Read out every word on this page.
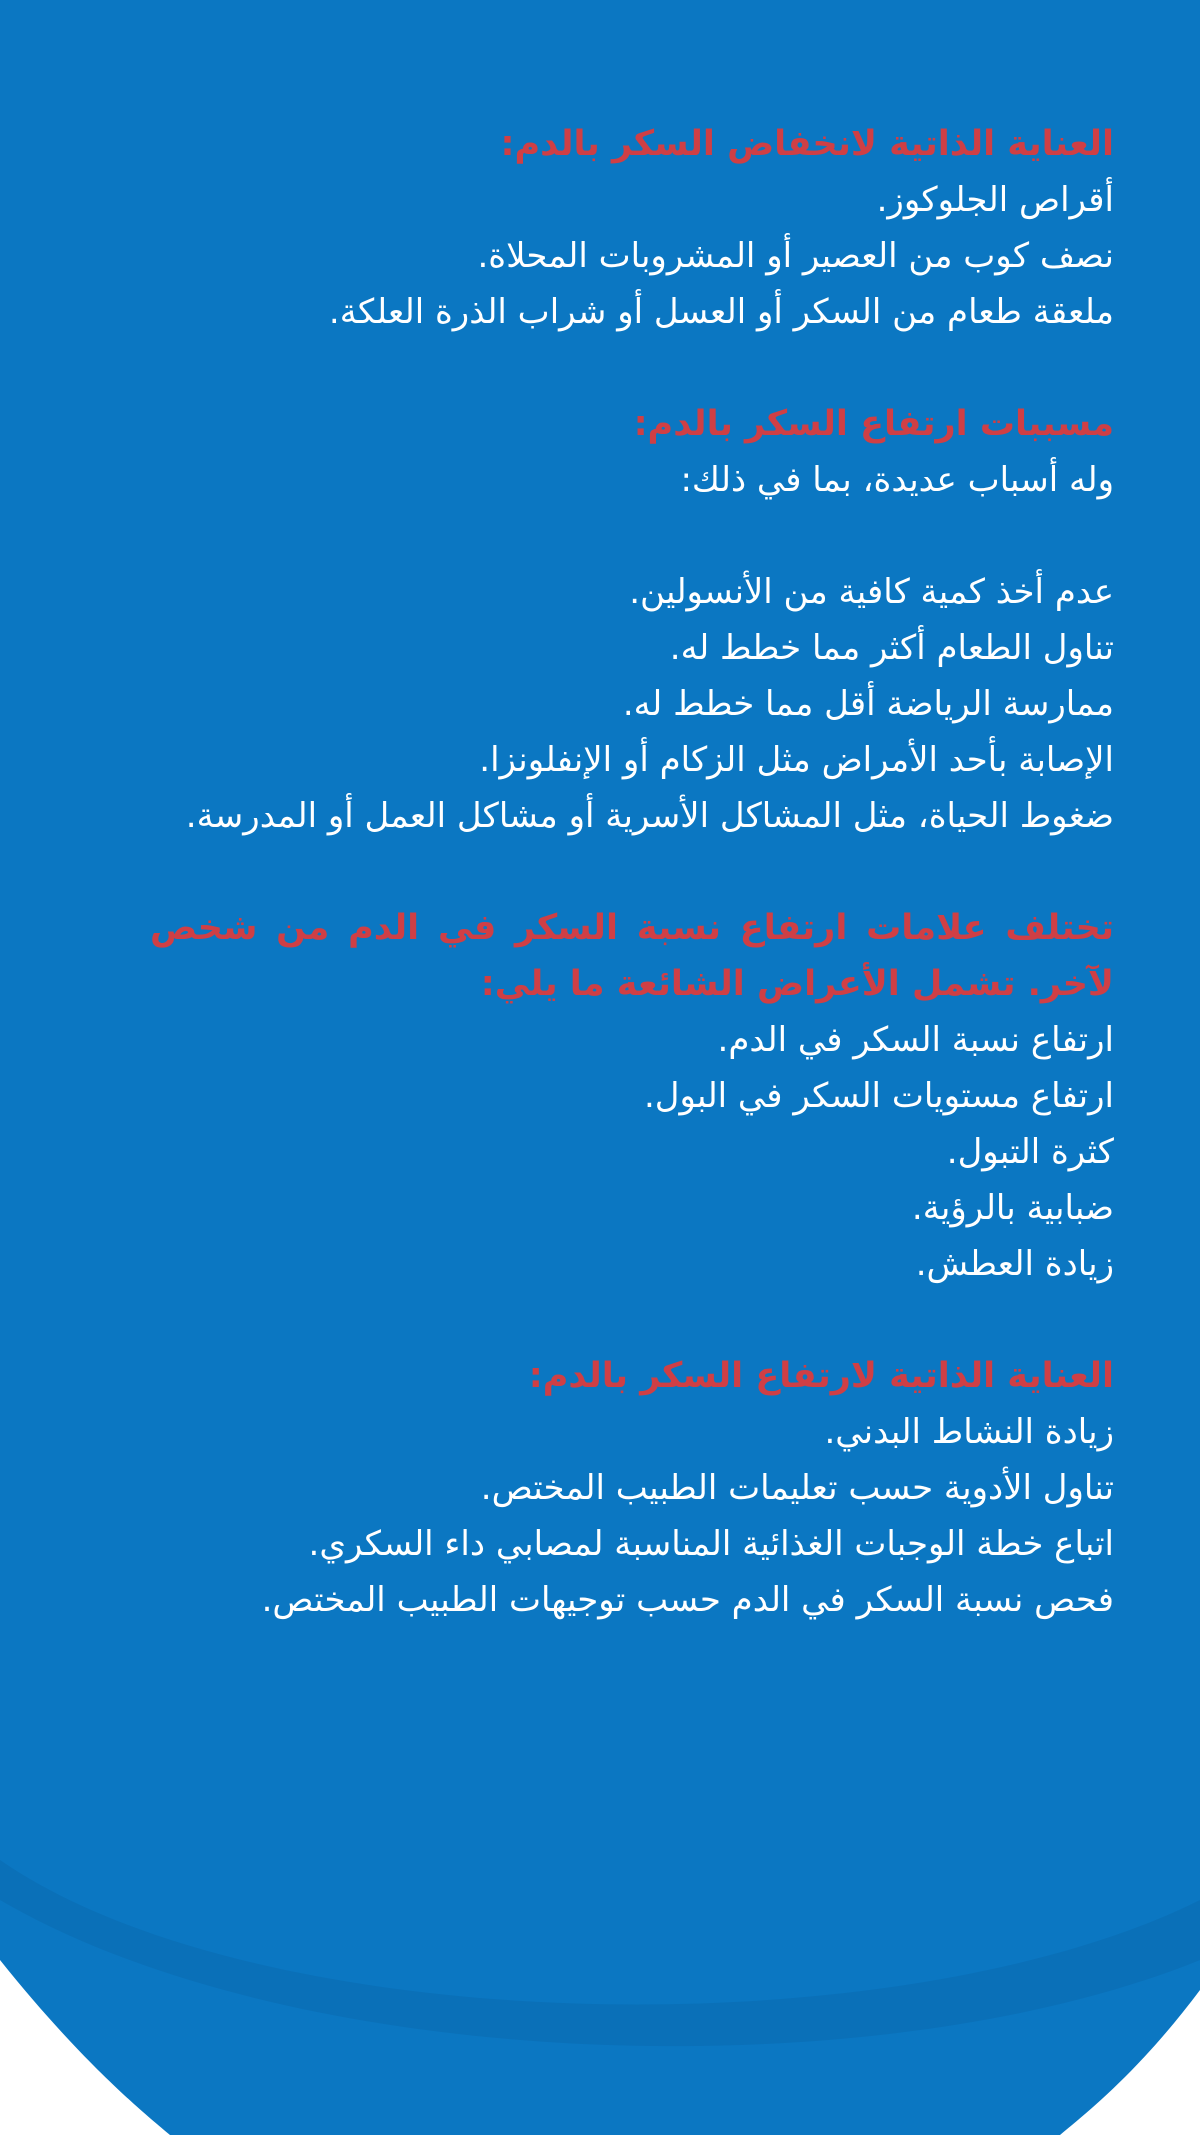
العناية الذاتية لانخفاض السكر بالدم:

أقراص الجلوكوز.

نصف كوب من العصير أو المشروبات المحلاة.

ملعقة طعام من السكر أو العسل أو شراب الذرة العلكة.

مسببات ارتفاع السكر بالدم:

وله أسباب عديدة، بما في ذلك:

عدم أخذ كمية كافية من الأنسولين.

تناول الطعام أكثر مما خطط له.

ممارسة الرياضة أقل مما خطط له.

الإصابة بأحد الأمراض مثل الزكام أو الإنفلونزا.

ضغوط الحياة، مثل المشاكل الأسرية أو مشاكل العمل أو المدرسة.

تختلف علامات ارتفاع نسبة السكر في الدم من شخص لآخر. تشمل الأعراض الشائعة ما يلي:

ارتفاع نسبة السكر في الدم.

ارتفاع مستويات السكر في البول.

كثرة التبول.

ضبابية بالرؤية.

زيادة العطش.

العناية الذاتية لارتفاع السكر بالدم:

زيادة النشاط البدني.

تناول الأدوية حسب تعليمات الطبيب المختص.

اتباع خطة الوجبات الغذائية المناسبة لمصابي داء السكري.

فحص نسبة السكر في الدم حسب توجيهات الطبيب المختص.
